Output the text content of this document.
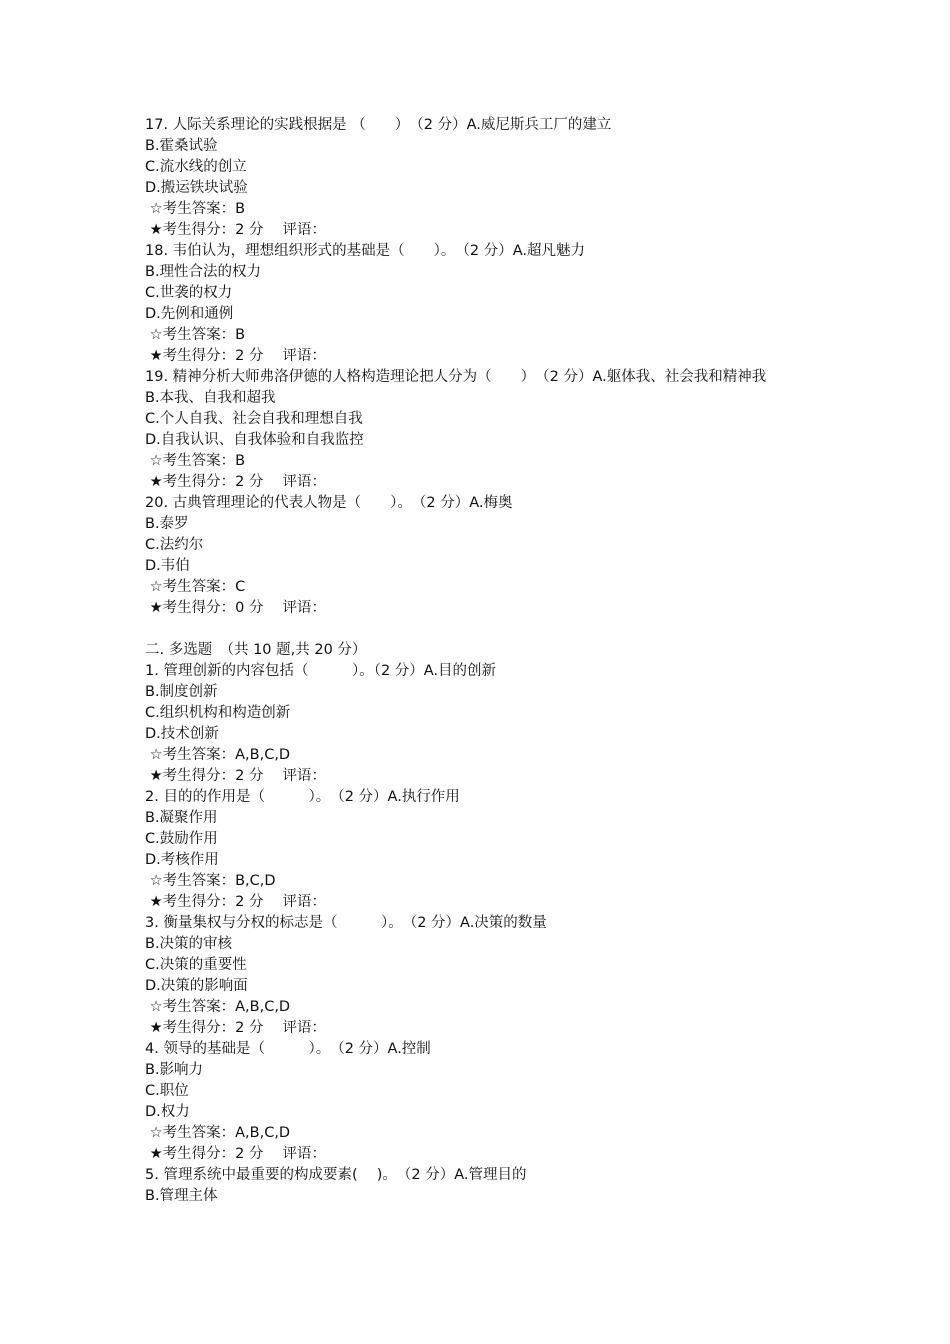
17. 人际关系理论的实践根据是 （　　）　（2 分）A.威尼斯兵工厂的建立
B.霍桑试验
C.流水线的创立
D.搬运铁块试验
☆考生答案：B
★考生得分：2 分　 评语：
18. 韦伯认为，理想组织形式的基础是（　　）。　（2 分）A.超凡魅力
B.理性合法的权力
C.世袭的权力
D.先例和通例
☆考生答案：B
★考生得分：2 分　 评语：
19. 精神分析大师弗洛伊德的人格构造理论把人分为（　　）　（2 分）A.躯体我、社会我和精神我
B.本我、自我和超我
C.个人自我、社会自我和理想自我
D.自我认识、自我体验和自我监控
☆考生答案：B
★考生得分：2 分　 评语：
20. 古典管理理论的代表人物是（　　）。　（2 分）A.梅奥
B.泰罗
C.法约尔
D.韦伯
☆考生答案：C
★考生得分：0 分　 评语：
二. 多选题　（共 10 题,共 20 分）
1. 管理创新的内容包括（　　　）。（2 分）A.目的创新
B.制度创新
C.组织机构和构造创新
D.技术创新
☆考生答案：A,B,C,D
★考生得分：2 分　 评语：
2. 目的的作用是（　　　）。　（2 分）A.执行作用
B.凝聚作用
C.鼓励作用
D.考核作用
☆考生答案：B,C,D
★考生得分：2 分　 评语：
3. 衡量集权与分权的标志是（　　　）。　（2 分）A.决策的数量
B.决策的审核
C.决策的重要性
D.决策的影响面
☆考生答案：A,B,C,D
★考生得分：2 分　 评语：
4. 领导的基础是（　　　）。　（2 分）A.控制
B.影响力
C.职位
D.权力
☆考生答案：A,B,C,D
★考生得分：2 分　 评语：
5. 管理系统中最重要的构成要素(　 )。　（2 分）A.管理目的
B.管理主体
